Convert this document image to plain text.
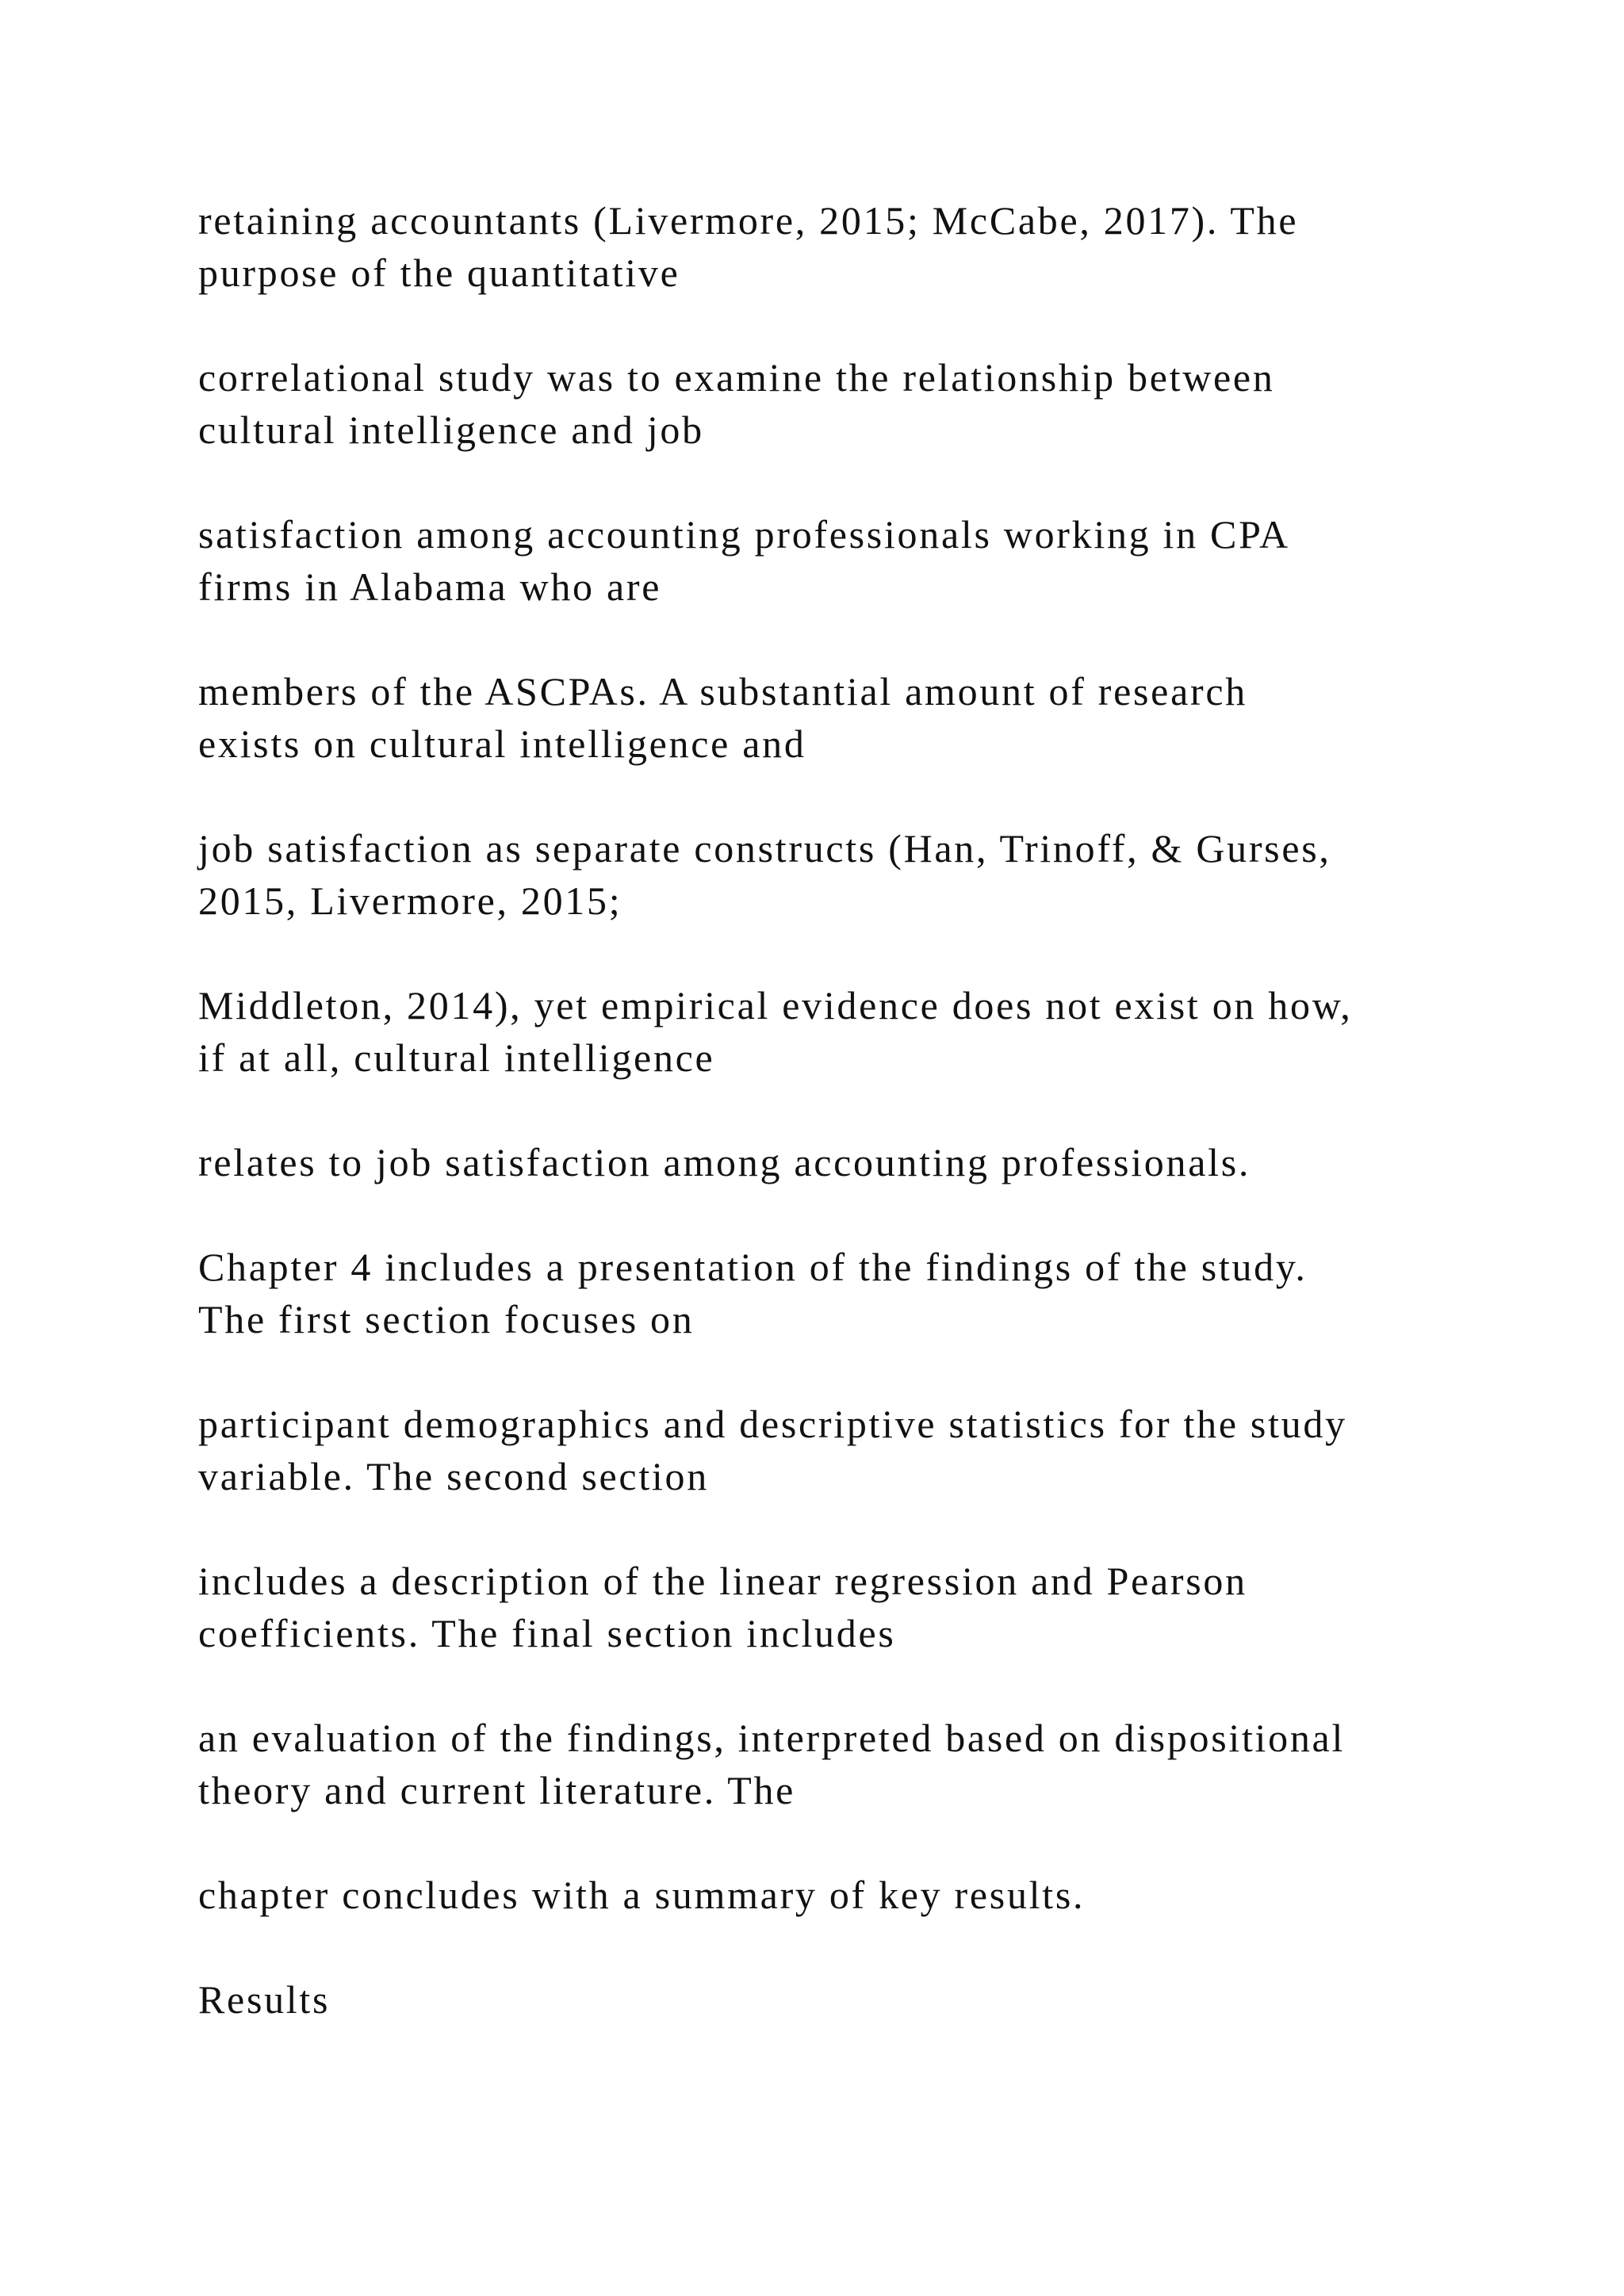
retaining accountants (Livermore, 2015; McCabe, 2017). The
purpose of the quantitative

correlational study was to examine the relationship between
cultural intelligence and job

satisfaction among accounting professionals working in CPA
firms in Alabama who are

members of the ASCPAs. A substantial amount of research
exists on cultural intelligence and

job satisfaction as separate constructs (Han, Trinoff, & Gurses,
2015, Livermore, 2015;

Middleton, 2014), yet empirical evidence does not exist on how,
if at all, cultural intelligence

relates to job satisfaction among accounting professionals.

Chapter 4 includes a presentation of the findings of the study.
The first section focuses on

participant demographics and descriptive statistics for the study
variable. The second section

includes a description of the linear regression and Pearson
coefficients. The final section includes

an evaluation of the findings, interpreted based on dispositional
theory and current literature. The

chapter concludes with a summary of key results.

Results
